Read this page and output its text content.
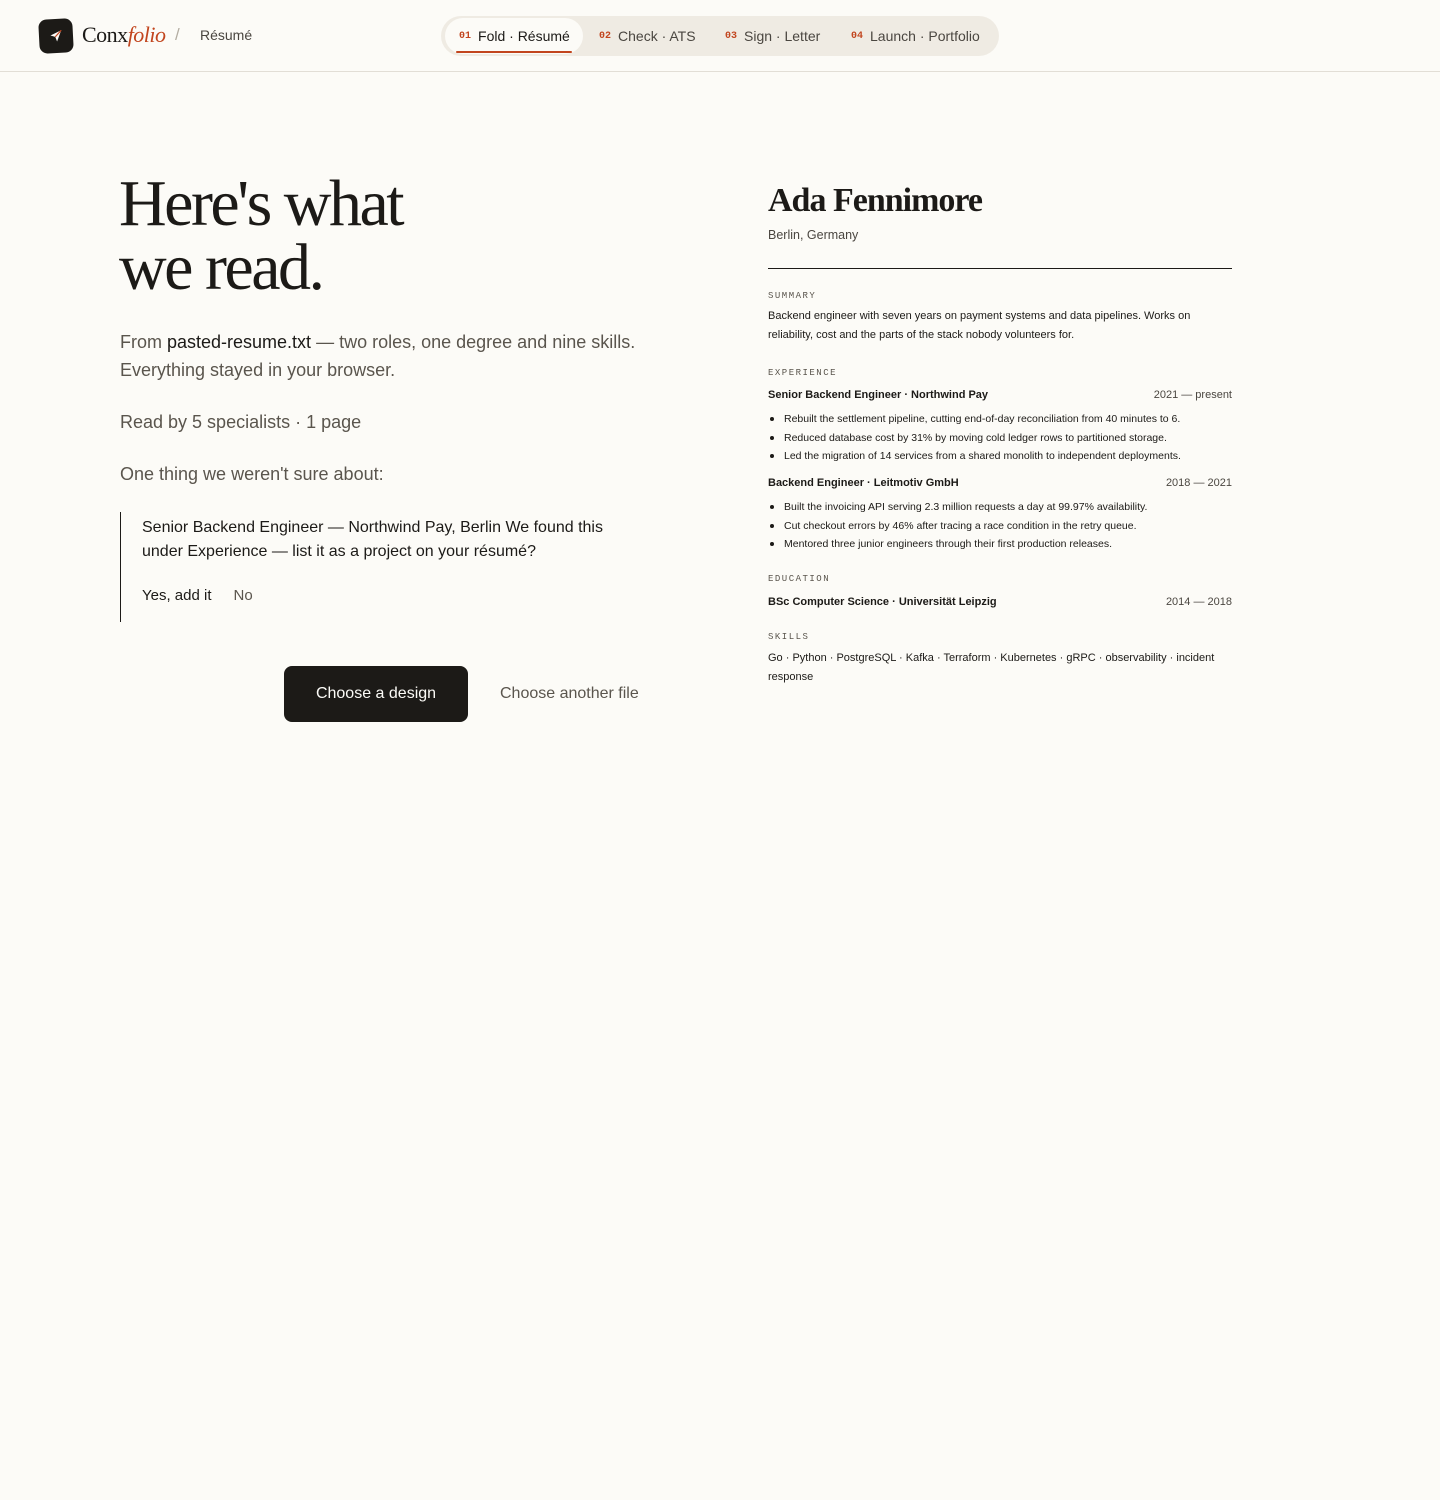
Conxfolio / Résumé	01 Fold · Résumé	02 Check · ATS	03 Sign · Letter	04 Launch · Portfolio
Here's what
we read.

From pasted-resume.txt — two roles, one degree and nine skills. Everything stayed in your browser.

Read by 5 specialists · 1 page

One thing we weren't sure about:

Senior Backend Engineer — Northwind Pay, Berlin We found this under Experience — list it as a project on your résumé?

Yes, add it No
Choose a design	Choose another file
Ada Fennimore

Berlin, Germany

SUMMARY

Backend engineer with seven years on payment systems and data pipelines. Works on reliability, cost and the parts of the stack nobody volunteers for.

EXPERIENCE
Senior Backend Engineer · Northwind Pay	2021 — present
Rebuilt the settlement pipeline, cutting end-of-day reconciliation from 40 minutes to 6.
Reduced database cost by 31% by moving cold ledger rows to partitioned storage.
Led the migration of 14 services from a shared monolith to independent deployments.
Backend Engineer · Leitmotiv GmbH	2018 — 2021
Built the invoicing API serving 2.3 million requests a day at 99.97% availability.
Cut checkout errors by 46% after tracing a race condition in the retry queue.
Mentored three junior engineers through their first production releases.
EDUCATION
BSc Computer Science · Universität Leipzig	2014 — 2018
SKILLS

Go · Python · PostgreSQL · Kafka · Terraform · Kubernetes · gRPC · observability · incident response
